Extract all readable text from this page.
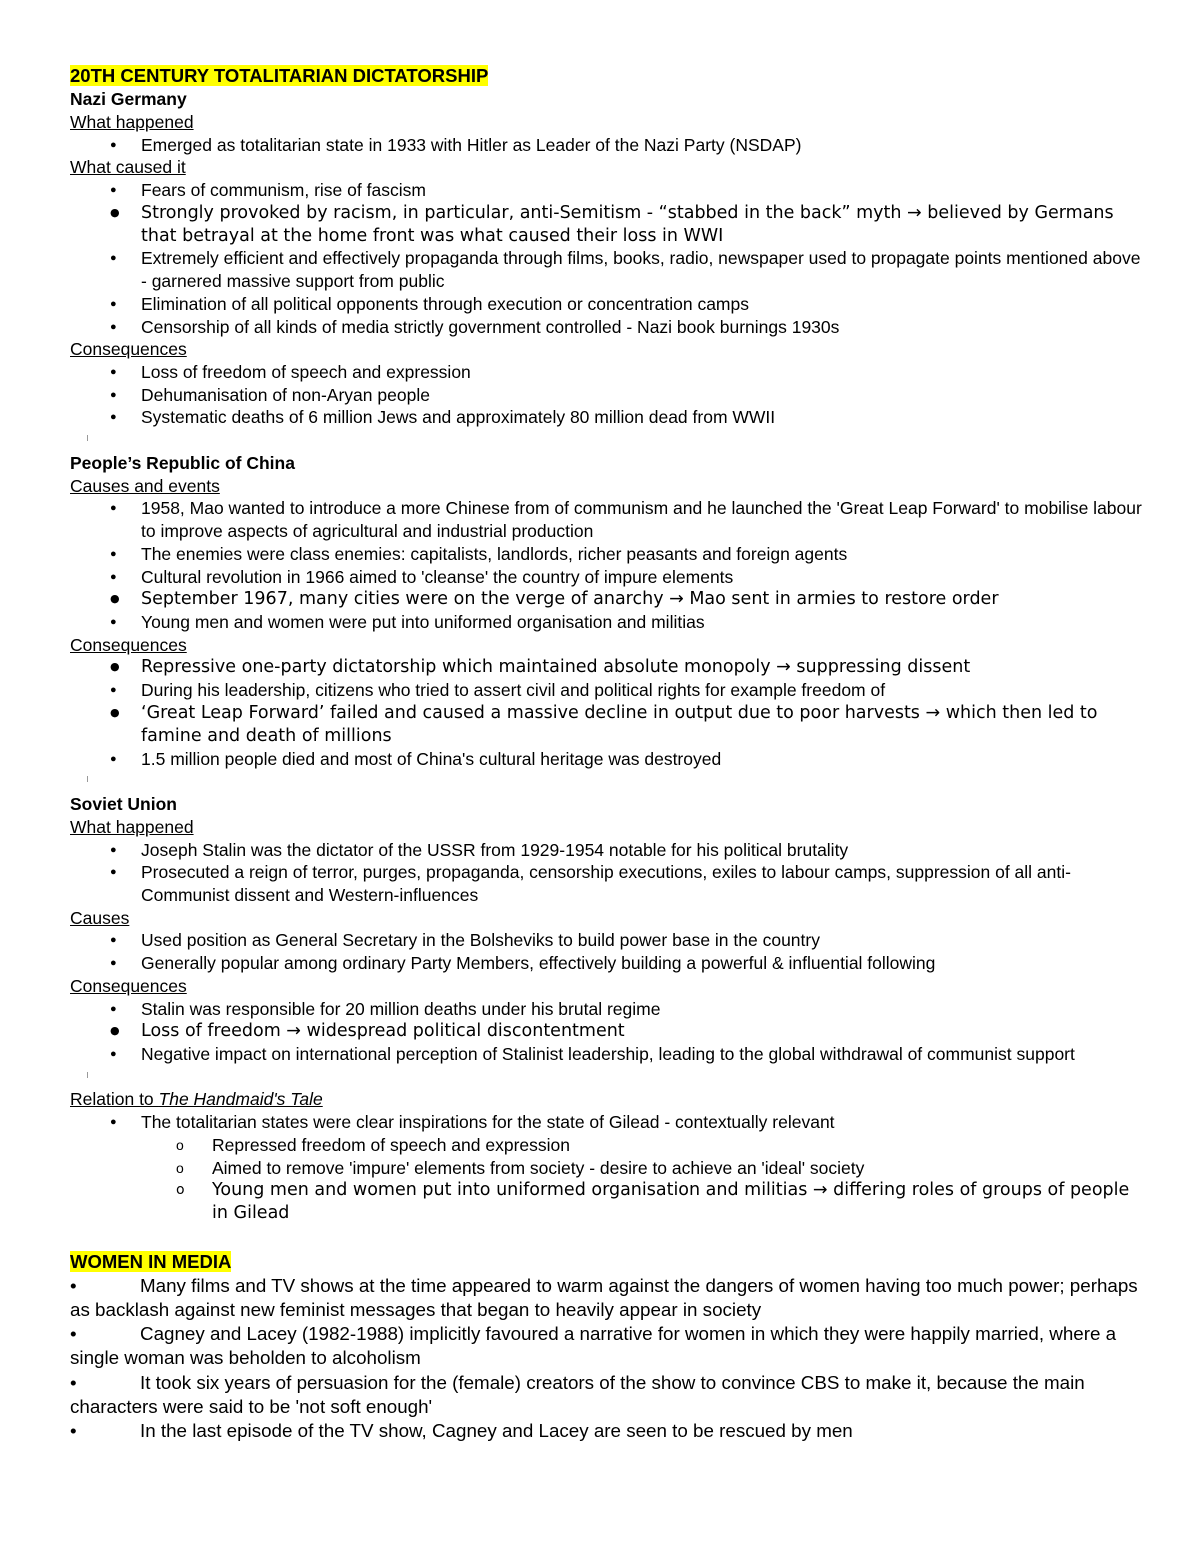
20TH CENTURY TOTALITARIAN DICTATORSHIP
Nazi Germany
What happened
● Emerged as totalitarian state in 1933 with Hitler as Leader of the Nazi Party (NSDAP)
What caused it
● Fears of communism, rise of fascism
● Strongly provoked by racism, in particular, anti-Semitism - “stabbed in the back” myth → believed by Germans that betrayal at the home front was what caused their loss in WWI
● Extremely efficient and effectively propaganda through films, books, radio, newspaper used to propagate points mentioned above - garnered massive support from public
● Elimination of all political opponents through execution or concentration camps
● Censorship of all kinds of media strictly government controlled - Nazi book burnings 1930s
Consequences
● Loss of freedom of speech and expression
● Dehumanisation of non-Aryan people
● Systematic deaths of 6 million Jews and approximately 80 million dead from WWII
People’s Republic of China
Causes and events
● 1958, Mao wanted to introduce a more Chinese from of communism and he launched the 'Great Leap Forward' to mobilise labour to improve aspects of agricultural and industrial production
● The enemies were class enemies: capitalists, landlords, richer peasants and foreign agents
● Cultural revolution in 1966 aimed to 'cleanse' the country of impure elements
● September 1967, many cities were on the verge of anarchy → Mao sent in armies to restore order
● Young men and women were put into uniformed organisation and militias
Consequences
● Repressive one-party dictatorship which maintained absolute monopoly → suppressing dissent
● During his leadership, citizens who tried to assert civil and political rights for example freedom of
● ‘Great Leap Forward’ failed and caused a massive decline in output due to poor harvests → which then led to famine and death of millions
● 1.5 million people died and most of China's cultural heritage was destroyed
Soviet Union
What happened
● Joseph Stalin was the dictator of the USSR from 1929-1954 notable for his political brutality
● Prosecuted a reign of terror, purges, propaganda, censorship executions, exiles to labour camps, suppression of all anti-Communist dissent and Western-influences
Causes
● Used position as General Secretary in the Bolsheviks to build power base in the country
● Generally popular among ordinary Party Members, effectively building a powerful & influential following
Consequences
● Stalin was responsible for 20 million deaths under his brutal regime
● Loss of freedom → widespread political discontentment
● Negative impact on international perception of Stalinist leadership, leading to the global withdrawal of communist support
Relation to The Handmaid's Tale
● The totalitarian states were clear inspirations for the state of Gilead - contextually relevant
o Repressed freedom of speech and expression
o Aimed to remove 'impure' elements from society - desire to achieve an 'ideal' society
o Young men and women put into uniformed organisation and militias → differing roles of groups of people in Gilead
WOMEN IN MEDIA
•	Many films and TV shows at the time appeared to warm against the dangers of women having too much power; perhaps as backlash against new feminist messages that began to heavily appear in society
•	Cagney and Lacey (1982-1988) implicitly favoured a narrative for women in which they were happily married, where a single woman was beholden to alcoholism
•	It took six years of persuasion for the (female) creators of the show to convince CBS to make it, because the main characters were said to be 'not soft enough'
•	In the last episode of the TV show, Cagney and Lacey are seen to be rescued by men
